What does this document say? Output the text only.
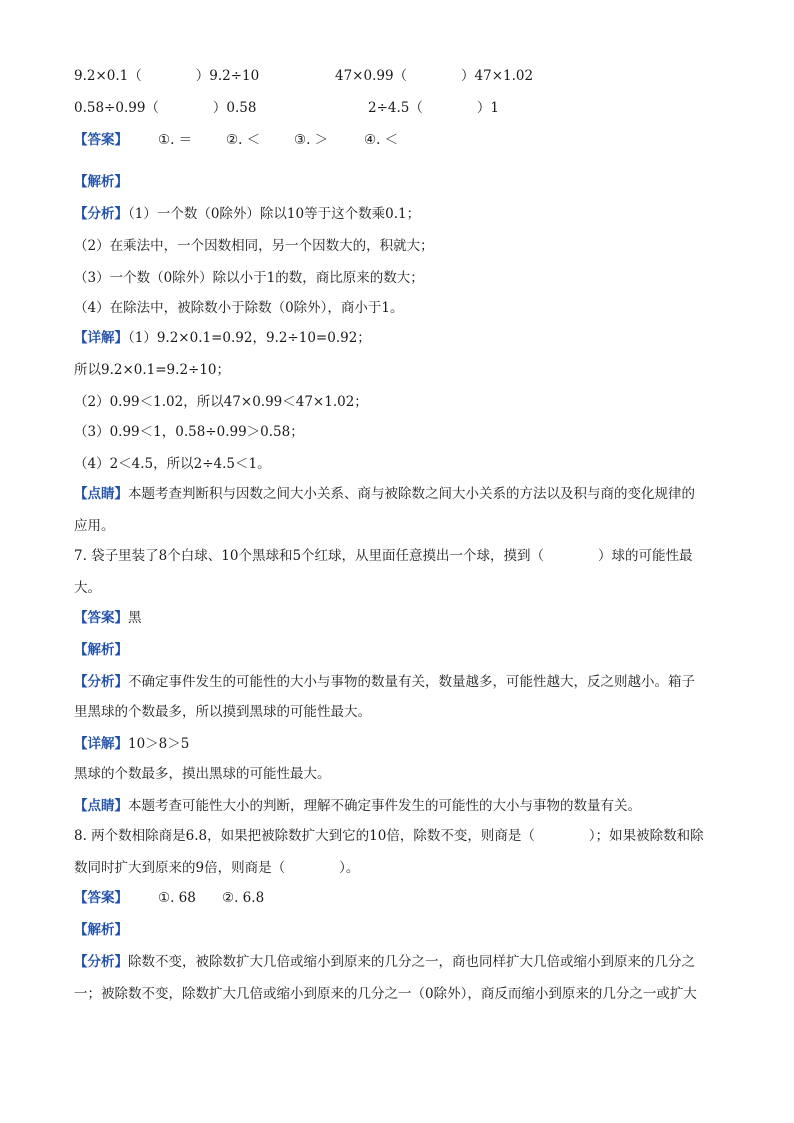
9.2×0.1（　　　　）9.2÷10	47×0.99（　　　　）47×1.02
0.58÷0.99（　　　　）0.58	2÷4.5（　　　　）1
【答案】 ①. ＝	②. ＜	③. ＞	④. ＜
【解析】
【分析】（1）一个数（0除外）除以10等于这个数乘0.1；
（2）在乘法中，一个因数相同，另一个因数大的，积就大；
（3）一个数（0除外）除以小于1的数，商比原来的数大；
（4）在除法中，被除数小于除数（0除外），商小于1。
【详解】（1）9.2×0.1=0.92，9.2÷10=0.92；
所以9.2×0.1=9.2÷10；
（2）0.99＜1.02，所以47×0.99＜47×1.02；
（3）0.99＜1，0.58÷0.99＞0.58；
（4）2＜4.5，所以2÷4.5＜1。
【点睛】本题考查判断积与因数之间大小关系、商与被除数之间大小关系的方法以及积与商的变化规律的
应用。
7. 袋子里装了8个白球、10个黑球和5个红球，从里面任意摸出一个球，摸到（　　　　）球的可能性最
大。
【答案】黑
【解析】
【分析】不确定事件发生的可能性的大小与事物的数量有关，数量越多，可能性越大，反之则越小。箱子
里黑球的个数最多，所以摸到黑球的可能性最大。
【详解】10＞8＞5
黑球的个数最多，摸出黑球的可能性最大。
【点睛】本题考查可能性大小的判断，理解不确定事件发生的可能性的大小与事物的数量有关。
8. 两个数相除商是6.8，如果把被除数扩大到它的10倍，除数不变，则商是（　　　　）；如果被除数和除
数同时扩大到原来的9倍，则商是（　　　　）。
【答案】 ①. 68 ②. 6.8
【解析】
【分析】除数不变，被除数扩大几倍或缩小到原来的几分之一，商也同样扩大几倍或缩小到原来的几分之
一；被除数不变，除数扩大几倍或缩小到原来的几分之一（0除外），商反而缩小到原来的几分之一或扩大
